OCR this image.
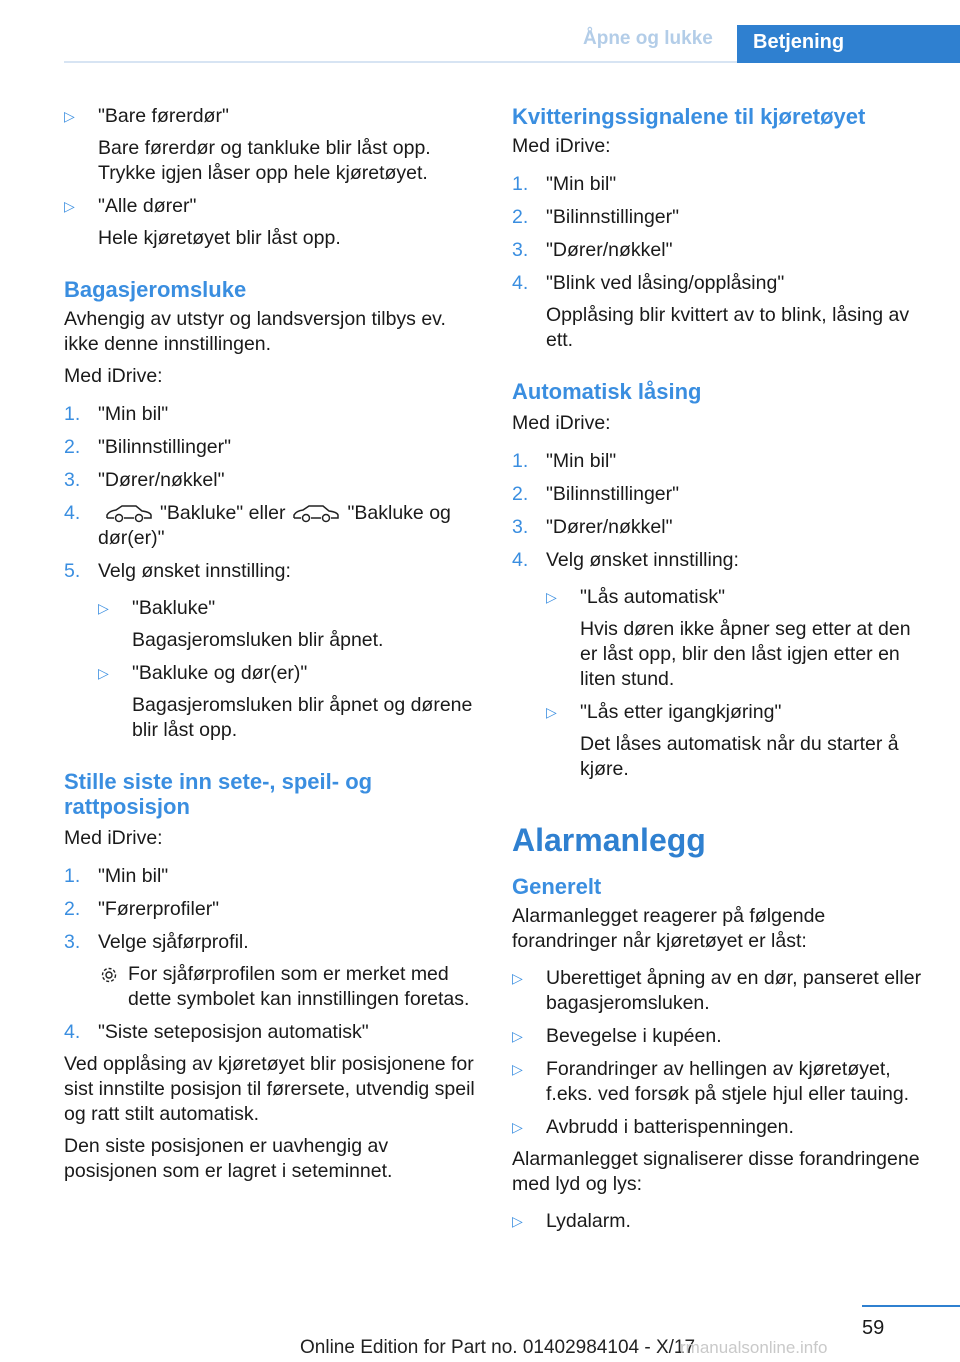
Åpne og lukke	Betjening
▷	"Bare førerdør"

Bare førerdør og tankluke blir låst opp. Trykke igjen låser opp hele kjøretøyet.

▷	"Alle dører"

Hele kjøretøyet blir låst opp.

Bagasjeromsluke

Avhengig av utstyr og landsversjon tilbys ev. ikke denne innstillingen.

Med iDrive:

1. "Min bil"
2. "Bilinnstillinger"
3. "Dører/nøkkel"
4.	"Bakluke" eller	"Bakluke og dør(er)"
5. Velg ønsket innstilling:
▷	"Bakluke"

Bagasjeromsluken blir åpnet.

▷	"Bakluke og dør(er)"

Bagasjeromsluken blir åpnet og dørene blir låst opp.

Stille siste inn sete-, speil- og rattposisjon

Med iDrive:

1. "Min bil"
2. "Førerprofiler"
3. Velge sjåførprofil.
For sjåførprofilen som er merket med dette symbolet kan innstillingen foretas.
4. "Siste seteposisjon automatisk"

Ved opplåsing av kjøretøyet blir posisjonene for sist innstilte posisjon til førersete, utvendig speil og ratt stilt automatisk.

Den siste posisjonen er uavhengig av posisjonen som er lagret i seteminnet.

Kvitteringssignalene til kjøretøyet

Med iDrive:

1. "Min bil"
2. "Bilinnstillinger"
3. "Dører/nøkkel"
4. "Blink ved låsing/opplåsing"

Opplåsing blir kvittert av to blink, låsing av ett.

Automatisk låsing

Med iDrive:

1. "Min bil"
2. "Bilinnstillinger"
3. "Dører/nøkkel"
4. Velg ønsket innstilling:
▷	"Lås automatisk"

Hvis døren ikke åpner seg etter at den er låst opp, blir den låst igjen etter en liten stund.

▷	"Lås etter igangkjøring"

Det låses automatisk når du starter å kjøre.

Alarmanlegg
Generelt

Alarmanlegget reagerer på følgende forandringer når kjøretøyet er låst:

▷	Uberettiget åpning av en dør, panseret eller bagasjeromsluken.
▷	Bevegelse i kupéen.
▷	Forandringer av hellingen av kjøretøyet, f.eks. ved forsøk på stjele hjul eller tauing.
▷	Avbrudd i batterispenningen.

Alarmanlegget signaliserer disse forandringene med lyd og lys:

▷	Lydalarm.
59
Online Edition for Part no. 01402984104 - X/17
rmanualsonline.info
